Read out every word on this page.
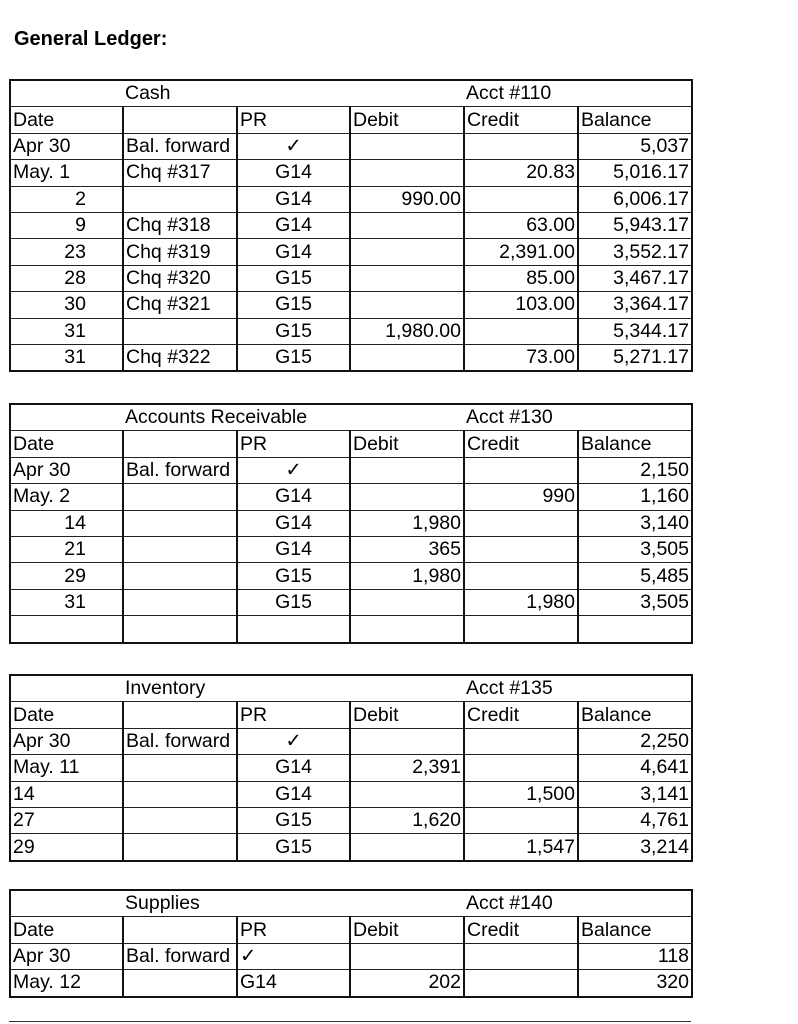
General Ledger:
	Cash			Acct #110	
Date		PR	Debit	Credit	Balance
Apr 30	Bal. forward	✓			5,037
May. 1	Chq #317	G14		20.83	5,016.17
2		G14	990.00		6,006.17
9	Chq #318	G14		63.00	5,943.17
23	Chq #319	G14		2,391.00	3,552.17
28	Chq #320	G15		85.00	3,467.17
30	Chq #321	G15		103.00	3,364.17
31		G15	1,980.00		5,344.17
31	Chq #322	G15		73.00	5,271.17
	Accounts Receivable			Acct #130	
Date		PR	Debit	Credit	Balance
Apr 30	Bal. forward	✓			2,150
May. 2		G14		990	1,160
14		G14	1,980		3,140
21		G14	365		3,505
29		G15	1,980		5,485
31		G15		1,980	3,505

	Inventory			Acct #135	
Date		PR	Debit	Credit	Balance
Apr 30	Bal. forward	✓			2,250
May. 11		G14	2,391		4,641
14		G14		1,500	3,141
27		G15	1,620		4,761
29		G15		1,547	3,214
	Supplies			Acct #140	
Date		PR	Debit	Credit	Balance
Apr 30	Bal. forward	✓			118
May. 12		G14	202		320
